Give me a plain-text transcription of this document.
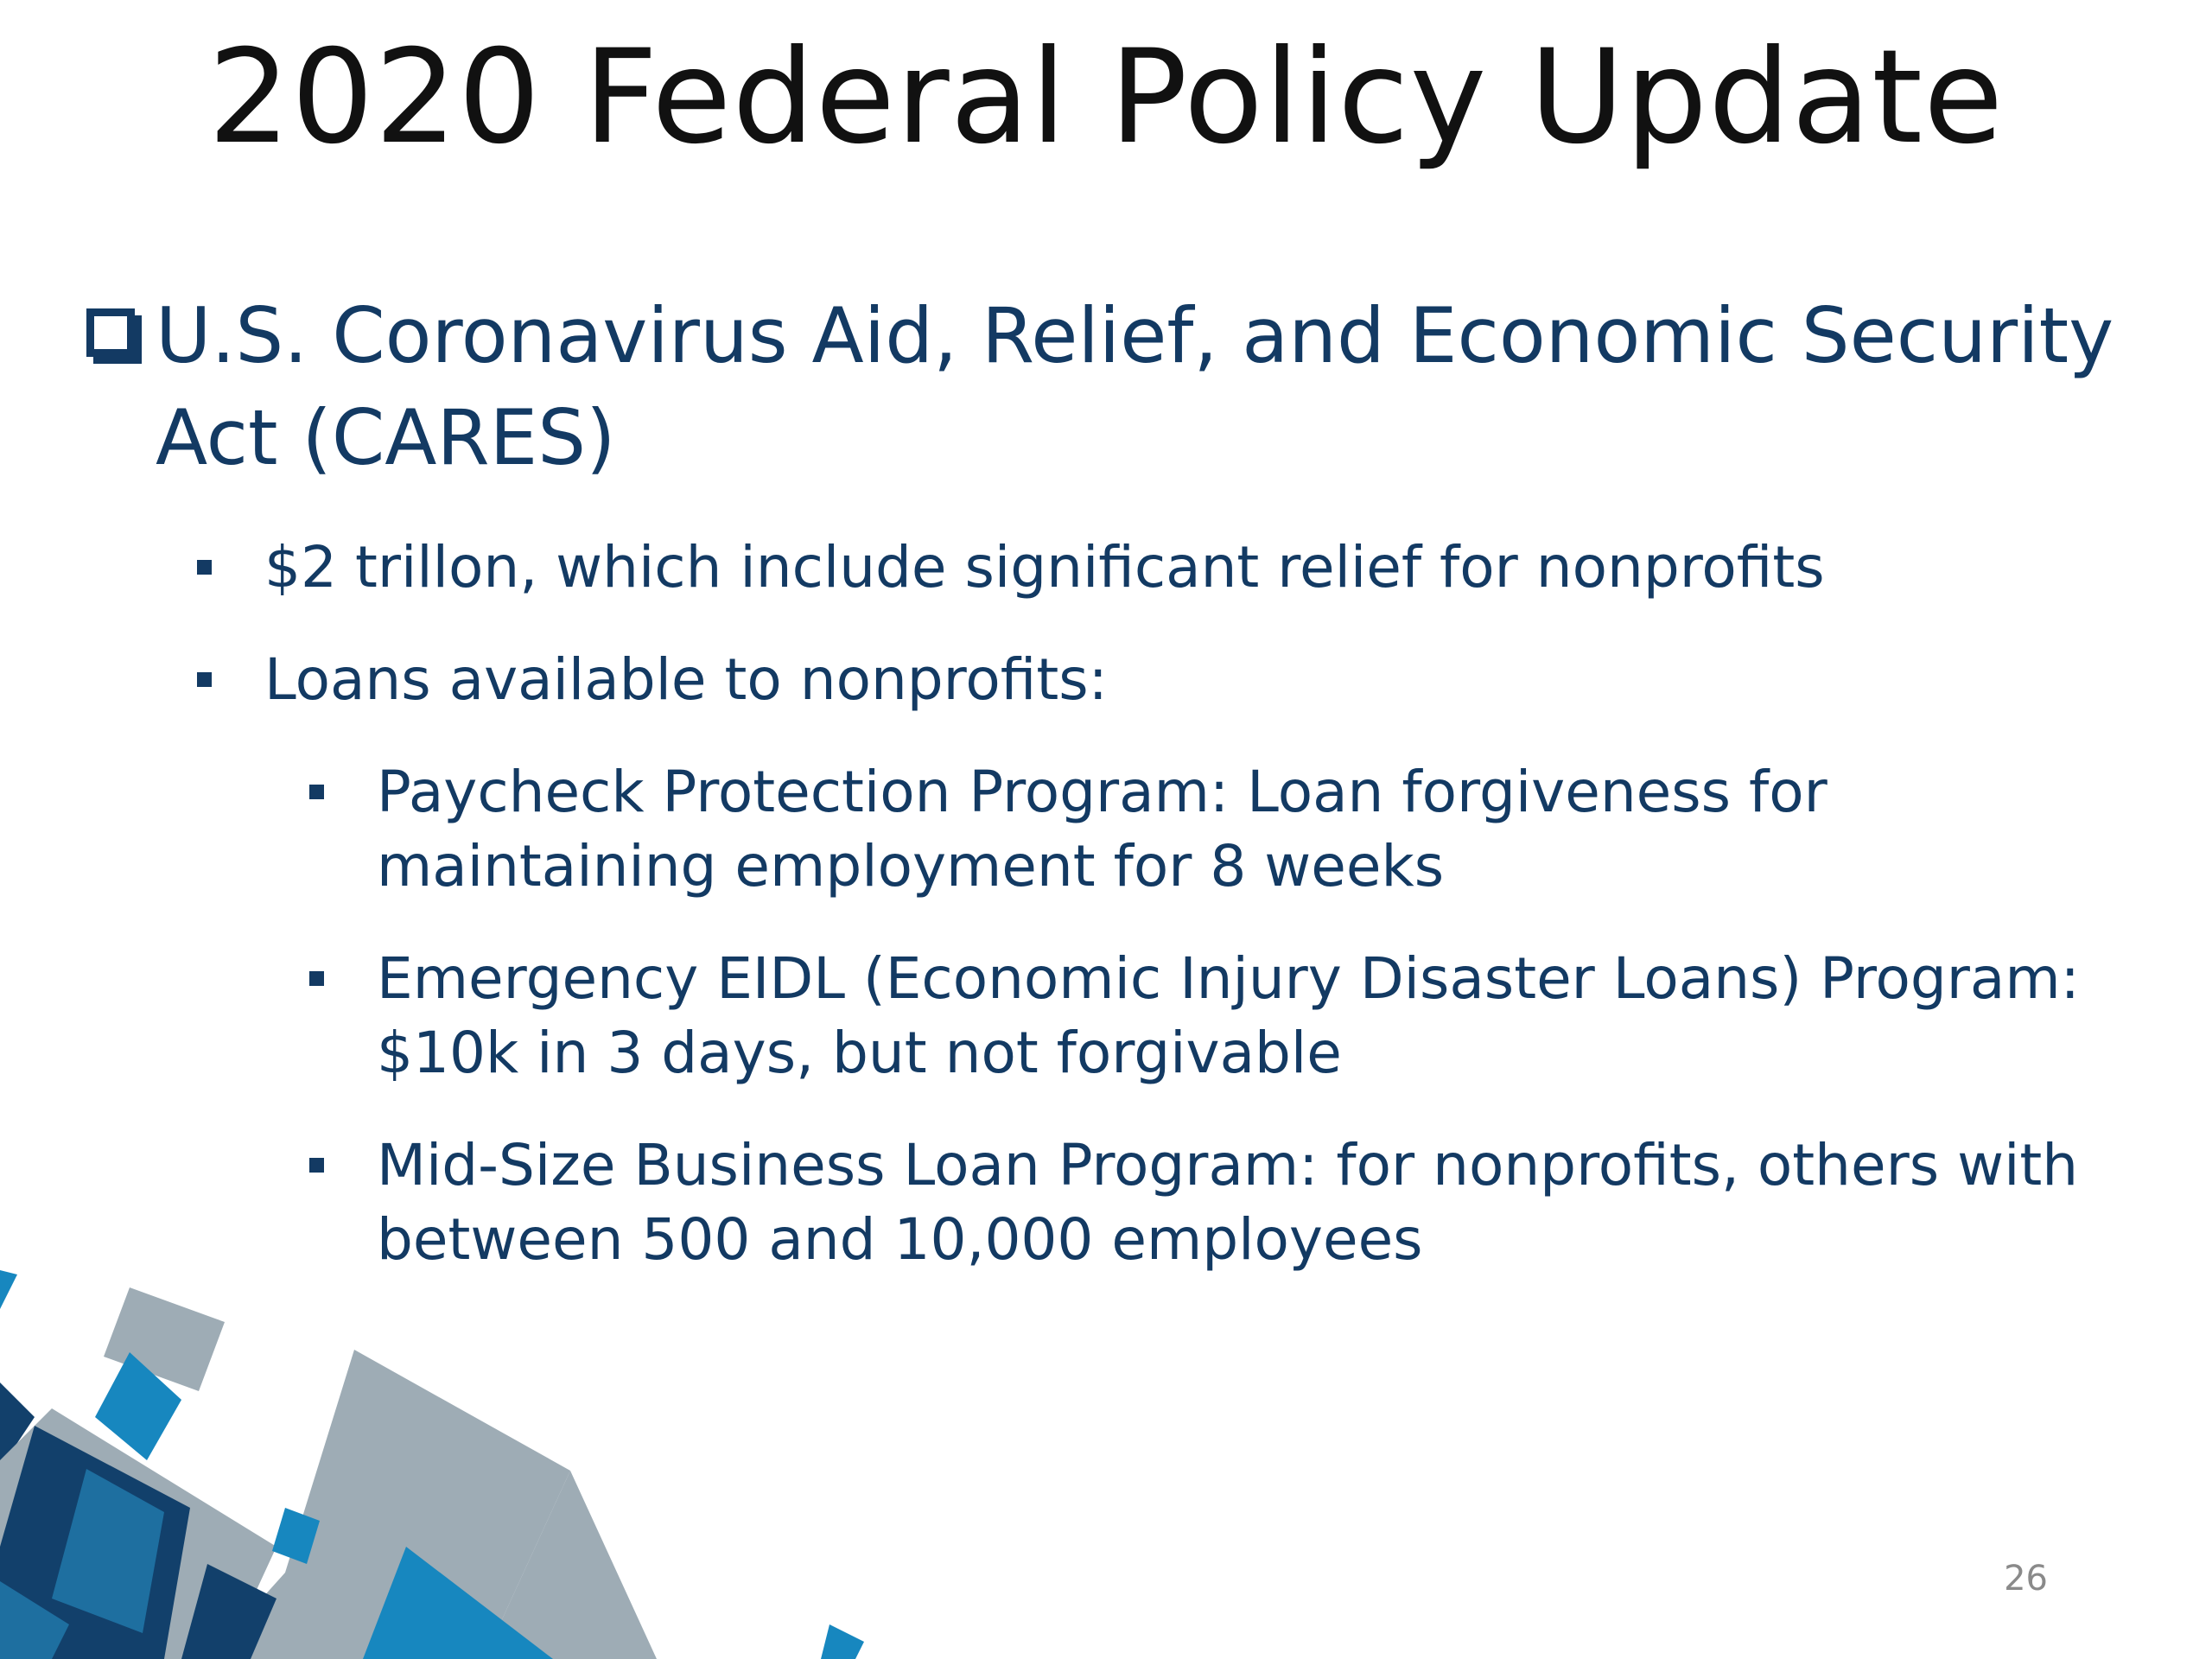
2020 Federal Policy Update
U.S. Coronavirus Aid, Relief, and Economic Security Act (CARES)
$2 trillon, which include significant relief for nonprofits
Loans available to nonprofits:
Paycheck Protection Program: Loan forgiveness for maintaining employment for 8 weeks
Emergency EIDL (Economic Injury Disaster Loans) Program: $10k in 3 days, but not forgivable
Mid-Size Business Loan Program: for nonprofits, others with between 500 and 10,000 employees
26
